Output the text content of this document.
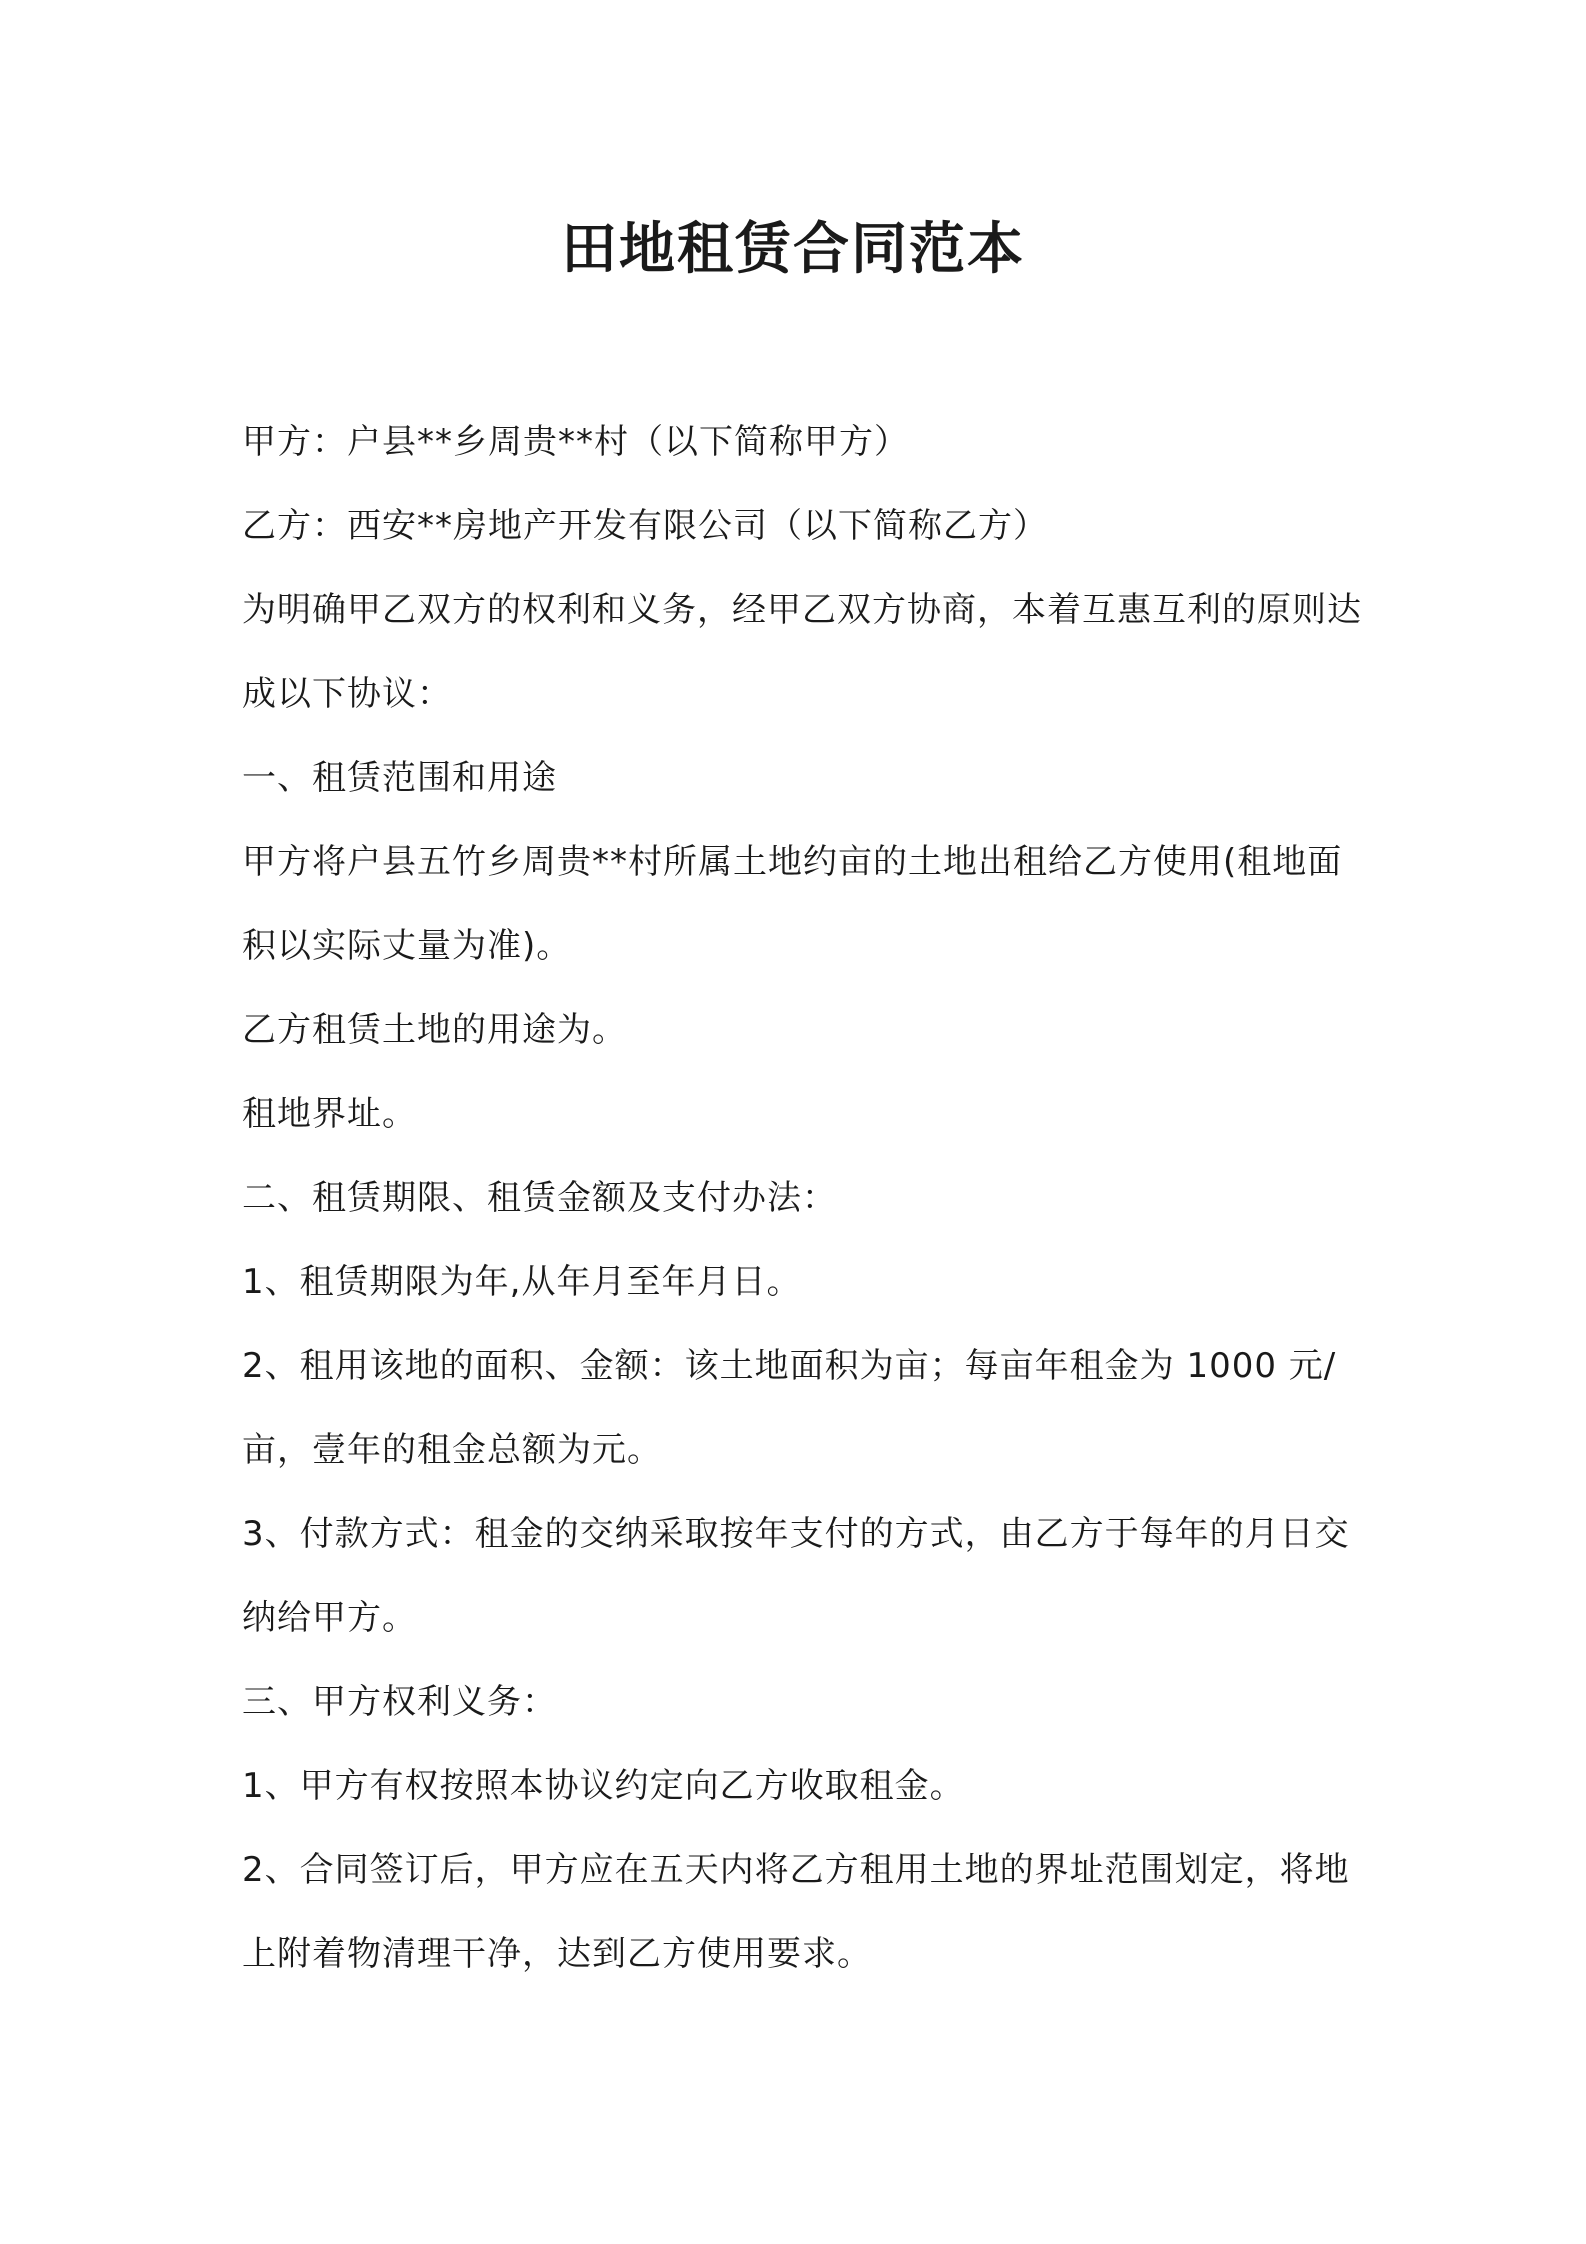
田地租赁合同范本

甲方：户县**乡周贵**村（以下简称甲方）

乙方：西安**房地产开发有限公司（以下简称乙方）

为明确甲乙双方的权利和义务，经甲乙双方协商，本着互惠互利的原则达成以下协议：

一、租赁范围和用途

甲方将户县五竹乡周贵**村所属土地约亩的土地出租给乙方使用(租地面积以实际丈量为准)。

乙方租赁土地的用途为。

租地界址。

二、租赁期限、租赁金额及支付办法：

1、租赁期限为年,从年月至年月日。

2、租用该地的面积、金额：该土地面积为亩；每亩年租金为 1000 元/亩，壹年的租金总额为元。

3、付款方式：租金的交纳采取按年支付的方式，由乙方于每年的月日交纳给甲方。

三、甲方权利义务：

1、甲方有权按照本协议约定向乙方收取租金。

2、合同签订后，甲方应在五天内将乙方租用土地的界址范围划定，将地上附着物清理干净，达到乙方使用要求。
